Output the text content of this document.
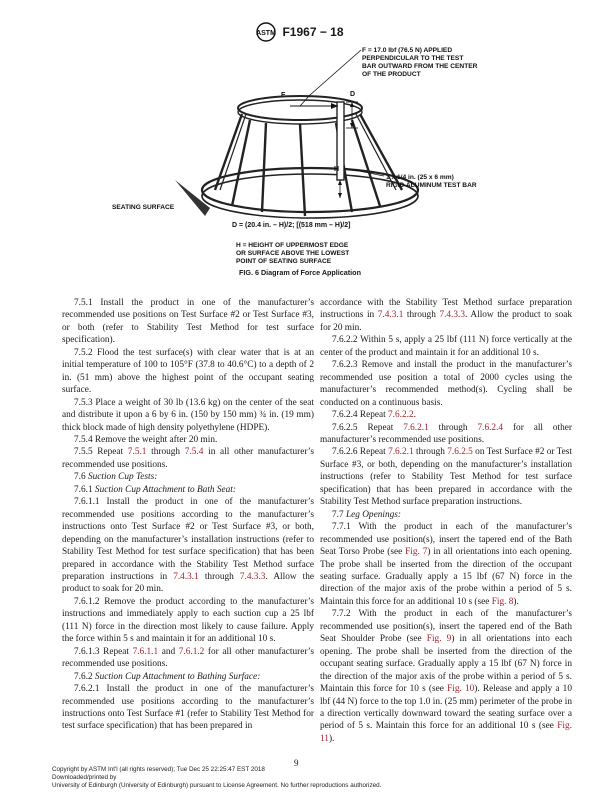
ASTM F1967 − 18
F = 17.0 lbf (76.5 N) APPLIED
PERPENDICULAR TO THE TEST
BAR OUTWARD FROM THE CENTER
OF THE PRODUCT
F	D
H
1 x 1/4 in. (25 x 6 mm)
RIGID ALUMINUM TEST BAR
SEATING SURFACE
D = (20.4 in. – H)/2; [(518 mm – H)/2]
H = HEIGHT OF UPPERMOST EDGE
OR SURFACE ABOVE THE LOWEST
POINT OF SEATING SURFACE
FIG. 6 Diagram of Force Application

7.5.1 Install the product in one of the manufacturer’s recommended use positions on Test Surface #2 or Test Surface #3, or both (refer to Stability Test Method for test surface specification).

7.5.2 Flood the test surface(s) with clear water that is at an initial temperature of 100 to 105°F (37.8 to 40.6°C) to a depth of 2 in. (51 mm) above the highest point of the occupant seating surface.

7.5.3 Place a weight of 30 lb (13.6 kg) on the center of the seat and distribute it upon a 6 by 6 in. (150 by 150 mm) ¾ in. (19 mm) thick block made of high density polyethylene (HDPE).

7.5.4 Remove the weight after 20 min.

7.5.5 Repeat 7.5.1 through 7.5.4 in all other manufacturer’s recommended use positions.

7.6 Suction Cup Tests:

7.6.1 Suction Cup Attachment to Bath Seat:

7.6.1.1 Install the product in one of the manufacturer’s recommended use positions according to the manufacturer’s instructions onto Test Surface #2 or Test Surface #3, or both, depending on the manufacturer’s installation instructions (refer to Stability Test Method for test surface specification) that has been prepared in accordance with the Stability Test Method surface preparation instructions in 7.4.3.1 through 7.4.3.3. Allow the product to soak for 20 min.

7.6.1.2 Remove the product according to the manufacturer’s instructions and immediately apply to each suction cup a 25 lbf (111 N) force in the direction most likely to cause failure. Apply the force within 5 s and maintain it for an additional 10 s.

7.6.1.3 Repeat 7.6.1.1 and 7.6.1.2 for all other manufacturer’s recommended use positions.

7.6.2 Suction Cup Attachment to Bathing Surface:

7.6.2.1 Install the product in one of the manufacturer’s recommended use positions according to the manufacturer’s instructions onto Test Surface #1 (refer to Stability Test Method for test surface specification) that has been prepared in

accordance with the Stability Test Method surface preparation instructions in 7.4.3.1 through 7.4.3.3. Allow the product to soak for 20 min.

7.6.2.2 Within 5 s, apply a 25 lbf (111 N) force vertically at the center of the product and maintain it for an additional 10 s.

7.6.2.3 Remove and install the product in the manufacturer’s recommended use position a total of 2000 cycles using the manufacturer’s recommended method(s). Cycling shall be conducted on a continuous basis.

7.6.2.4 Repeat 7.6.2.2.

7.6.2.5 Repeat 7.6.2.1 through 7.6.2.4 for all other manufacturer’s recommended use positions.

7.6.2.6 Repeat 7.6.2.1 through 7.6.2.5 on Test Surface #2 or Test Surface #3, or both, depending on the manufacturer’s installation instructions (refer to Stability Test Method for test surface specification) that has been prepared in accordance with the Stability Test Method surface preparation instructions.

7.7 Leg Openings:

7.7.1 With the product in each of the manufacturer’s recommended use position(s), insert the tapered end of the Bath Seat Torso Probe (see Fig. 7) in all orientations into each opening. The probe shall be inserted from the direction of the occupant seating surface. Gradually apply a 15 lbf (67 N) force in the direction of the major axis of the probe within a period of 5 s. Maintain this force for an additional 10 s (see Fig. 8).

7.7.2 With the product in each of the manufacturer’s recommended use position(s), insert the tapered end of the Bath Seat Shoulder Probe (see Fig. 9) in all orientations into each opening. The probe shall be inserted from the direction of the occupant seating surface. Gradually apply a 15 lbf (67 N) force in the direction of the major axis of the probe within a period of 5 s. Maintain this force for 10 s (see Fig. 10). Release and apply a 10 lbf (44 N) force to the top 1.0 in. (25 mm) perimeter of the probe in a direction vertically downward toward the seating surface over a period of 5 s. Maintain this force for an additional 10 s (see Fig. 11).

9
Copyright by ASTM Int'l (all rights reserved); Tue Dec 25 22:25:47 EST 2018
Downloaded/printed by
University of Edinburgh (University of Edinburgh) pursuant to License Agreement. No further reproductions authorized.
